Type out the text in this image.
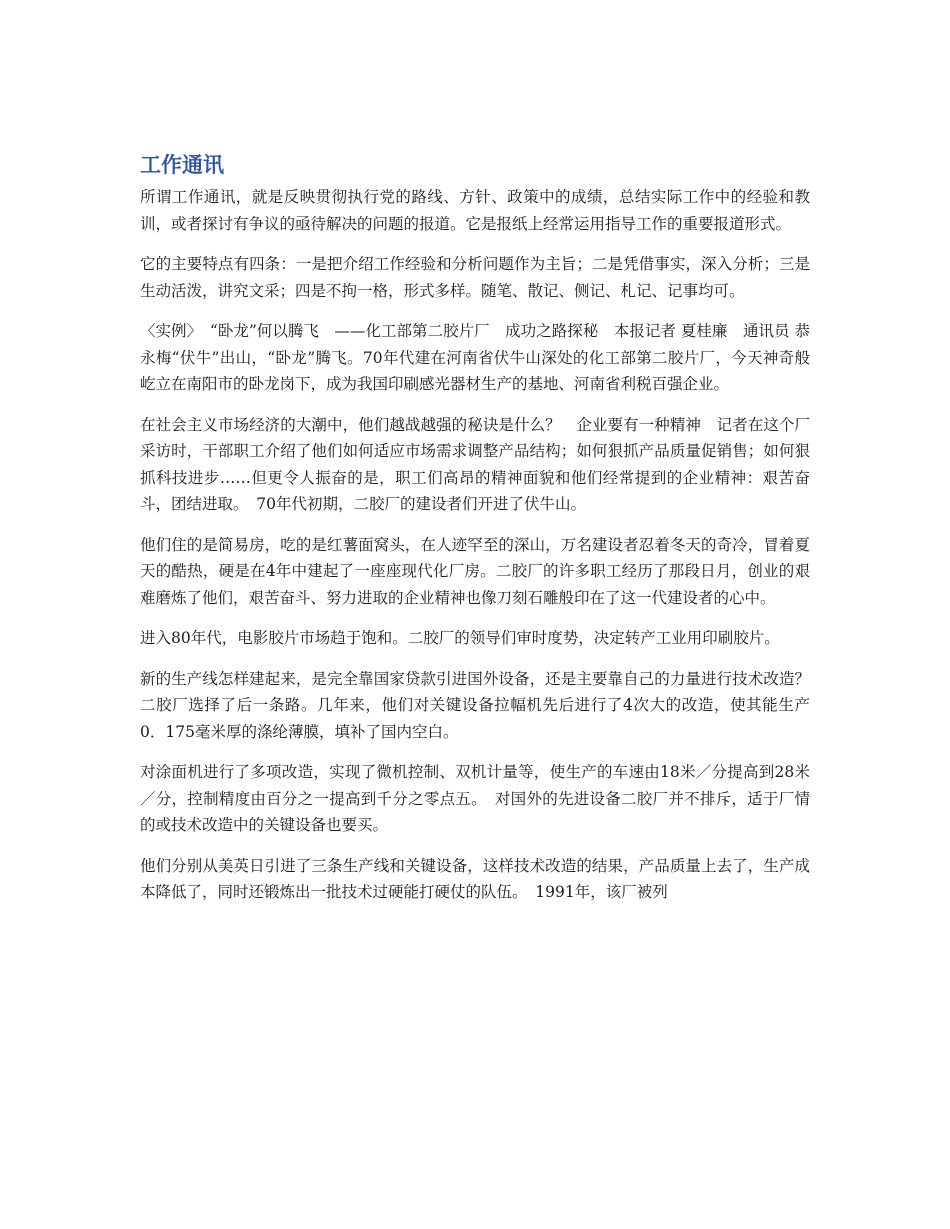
工作通讯

所谓工作通讯，就是反映贯彻执行党的路线、方针、政策中的成绩，总结实际工作中的经验和教训，或者探讨有争议的亟待解决的问题的报道。它是报纸上经常运用指导工作的重要报道形式。

它的主要特点有四条：一是把介绍工作经验和分析问题作为主旨；二是凭借事实，深入分析；三是生动活泼，讲究文采；四是不拘一格，形式多样。随笔、散记、侧记、札记、记事均可。

〈实例〉　“卧龙”何以腾飞　——化工部第二胶片厂　成功之路探秘　本报记者 夏桂廉　通讯员 恭永梅“伏牛”出山，“卧龙”腾飞。70年代建在河南省伏牛山深处的化工部第二胶片厂，今天神奇般屹立在南阳市的卧龙岗下，成为我国印刷感光器材生产的基地、河南省利税百强企业。

在社会主义市场经济的大潮中，他们越战越强的秘诀是什么？　企业要有一种精神　记者在这个厂采访时，干部职工介绍了他们如何适应市场需求调整产品结构；如何狠抓产品质量促销售；如何狠抓科技进步……但更令人振奋的是，职工们高昂的精神面貌和他们经常提到的企业精神：艰苦奋斗，团结进取。　70年代初期，二胶厂的建设者们开进了伏牛山。

他们住的是简易房，吃的是红薯面窝头，在人迹罕至的深山，万名建设者忍着冬天的奇冷，冒着夏天的酷热，硬是在4年中建起了一座座现代化厂房。二胶厂的许多职工经历了那段日月，创业的艰难磨炼了他们，艰苦奋斗、努力进取的企业精神也像刀刻石雕般印在了这一代建设者的心中。

进入80年代，电影胶片市场趋于饱和。二胶厂的领导们审时度势，决定转产工业用印刷胶片。

新的生产线怎样建起来，是完全靠国家贷款引进国外设备，还是主要靠自己的力量进行技术改造？二胶厂选择了后一条路。几年来，他们对关键设备拉幅机先后进行了4次大的改造，使其能生产0．175毫米厚的涤纶薄膜，填补了国内空白。

对涂面机进行了多项改造，实现了微机控制、双机计量等，使生产的车速由18米／分提高到28米／分，控制精度由百分之一提高到千分之零点五。　对国外的先进设备二胶厂并不排斥，适于厂情的或技术改造中的关键设备也要买。

他们分别从美英日引进了三条生产线和关键设备，这样技术改造的结果，产品质量上去了，生产成本降低了，同时还锻炼出一批技术过硬能打硬仗的队伍。　1991年，该厂被列
